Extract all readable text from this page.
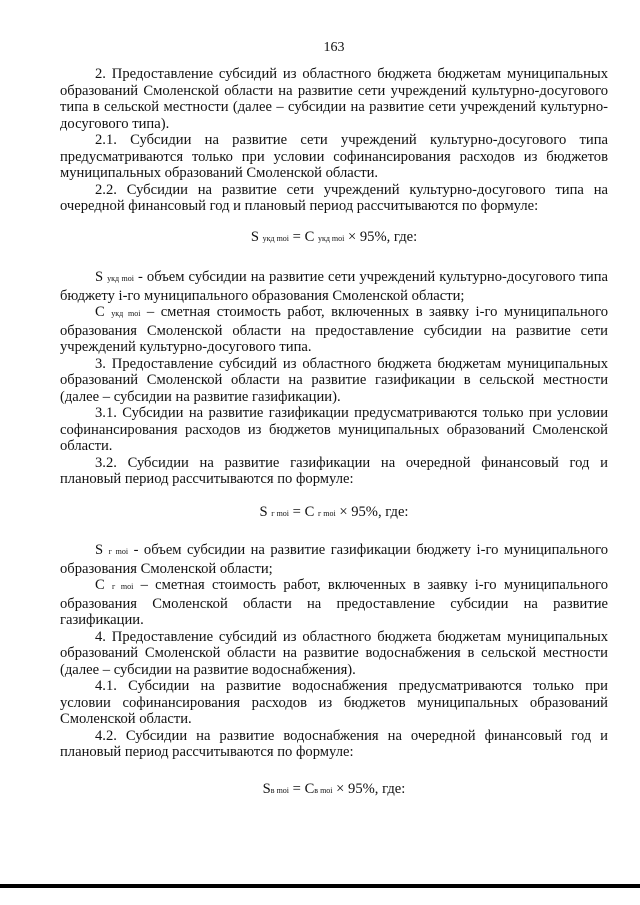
163

2. Предоставление субсидий из областного бюджета бюджетам муниципальных образований Смоленской области на развитие сети учреждений культурно-досугового типа в сельской местности (далее – субсидии на развитие сети учреждений культурно-досугового типа).

2.1. Субсидии на развитие сети учреждений культурно-досугового типа предусматриваются только при условии софинансирования расходов из бюджетов муниципальных образований Смоленской области.

2.2. Субсидии на развитие сети учреждений культурно-досугового типа на очередной финансовый год и плановый период рассчитываются по формуле:

S укд moi = С укд moi × 95%, где:

S укд moi - объем субсидии на развитие сети учреждений культурно-досугового типа бюджету i-го муниципального образования Смоленской области;

С укд moi – сметная стоимость работ, включенных в заявку i-го муниципального образования Смоленской области на предоставление субсидии на развитие сети учреждений культурно-досугового типа.

3. Предоставление субсидий из областного бюджета бюджетам муниципальных образований Смоленской области на развитие газификации в сельской местности (далее – субсидии на развитие газификации).

3.1. Субсидии на развитие газификации предусматриваются только при условии софинансирования расходов из бюджетов муниципальных образований Смоленской области.

3.2. Субсидии на развитие газификации на очередной финансовый год и плановый период рассчитываются по формуле:

S г moi = С г moi × 95%, где:

S г moi - объем субсидии на развитие газификации бюджету i-го муниципального образования Смоленской области;

С г moi – сметная стоимость работ, включенных в заявку i-го муниципального образования Смоленской области на предоставление субсидии на развитие газификации.

4. Предоставление субсидий из областного бюджета бюджетам муниципальных образований Смоленской области на развитие водоснабжения в сельской местности (далее – субсидии на развитие водоснабжения).

4.1. Субсидии на развитие водоснабжения предусматриваются только при условии софинансирования расходов из бюджетов муниципальных образований Смоленской области.

4.2. Субсидии на развитие водоснабжения на очередной финансовый год и плановый период рассчитываются по формуле:

Sв moi = Св moi × 95%, где:
